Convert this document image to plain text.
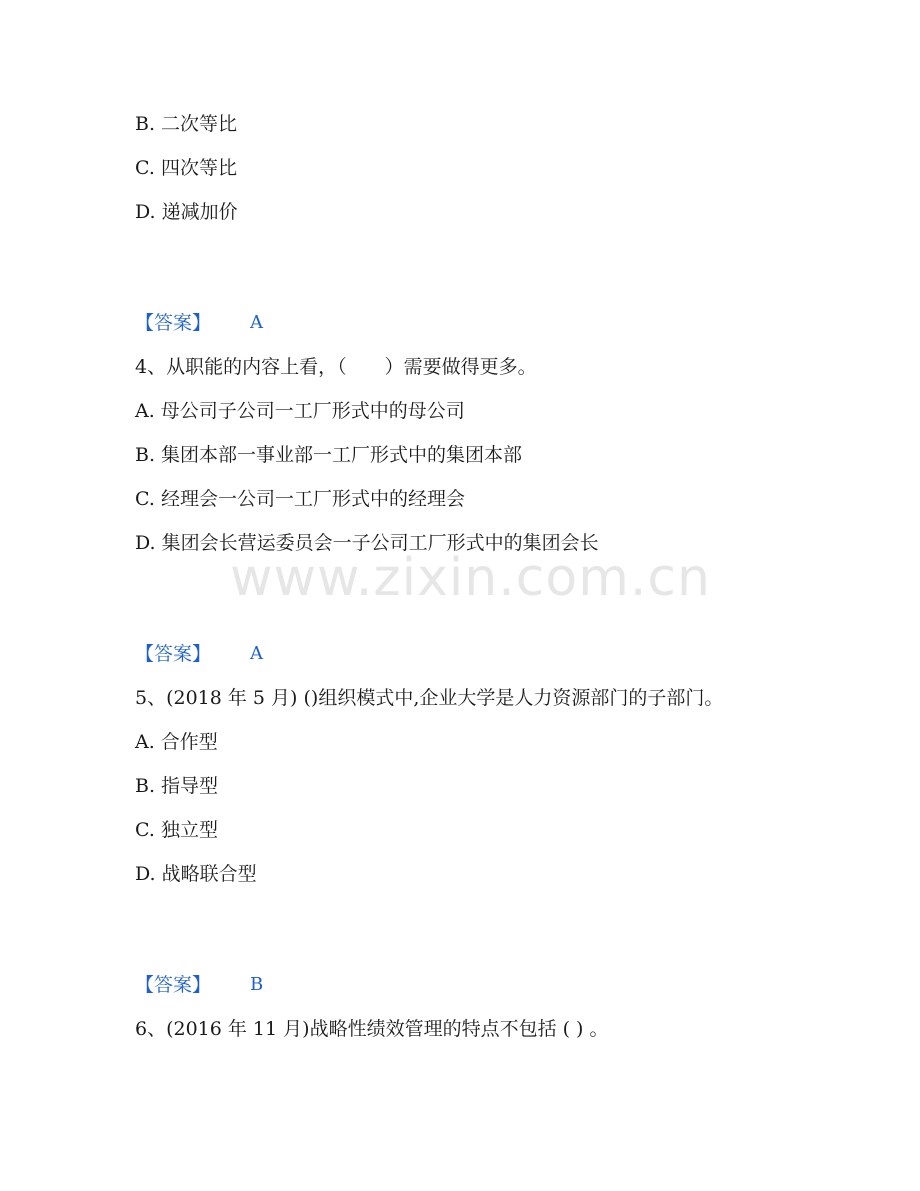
www.zixin.com.cn
B. 二次等比
C. 四次等比
D. 递减加价
【答案】 A
4、从职能的内容上看，（　　）需要做得更多。
A. 母公司子公司一工厂形式中的母公司
B. 集团本部一事业部一工厂形式中的集团本部
C. 经理会一公司一工厂形式中的经理会
D. 集团会长营运委员会一子公司工厂形式中的集团会长
【答案】 A
5、(2018 年 5 月) ()组织模式中,企业大学是人力资源部门的子部门。
A. 合作型
B. 指导型
C. 独立型
D. 战略联合型
【答案】 B
6、(2016 年 11 月)战略性绩效管理的特点不包括 ( ) 。
